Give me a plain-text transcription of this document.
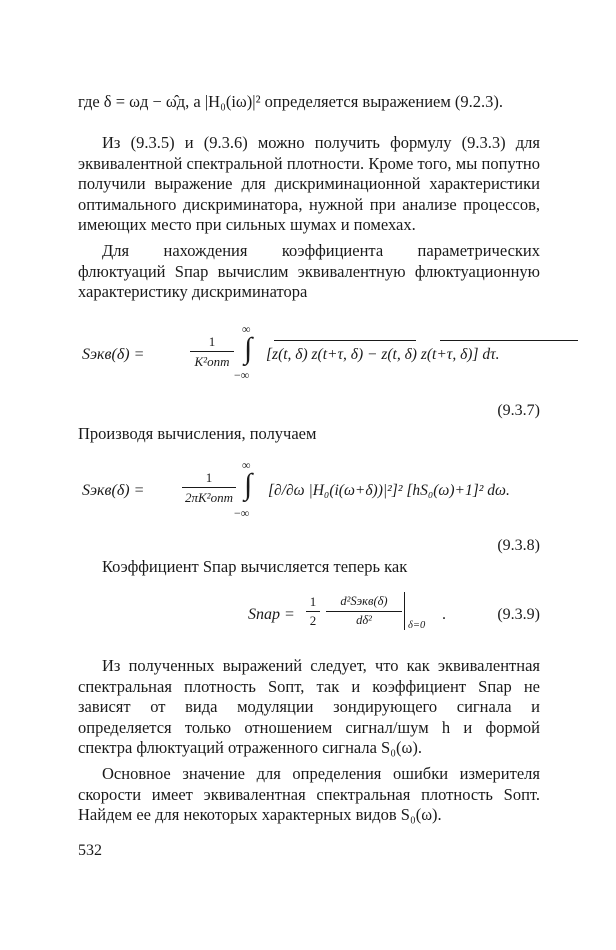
где δ = ωд − ω̂д, а |H₀(iω)|² определяется выражением (9.2.3).

Из (9.3.5) и (9.3.6) можно получить формулу (9.3.3) для эквивалентной спектральной плотности. Кроме того, мы попутно получили выражение для дискриминационной характеристики оптимального дискриминатора, нужной при анализе процессов, имеющих место при сильных шумах и помехах.

Для нахождения коэффициента параметрических флюктуаций Sпар вычислим эквивалентную флюктуационную характеристику дискриминатора

Sэкв(δ) =
1
K²опт
∞
∫
−∞
[z(t, δ) z(t+τ, δ) − z(t, δ) z(t+τ, δ)] dτ.
(9.3.7)

Производя вычисления, получаем

Sэкв(δ) =
1
2πK²опт
∞
∫
−∞
[∂/∂ω |H₀(i(ω+δ))|²]² [hS₀(ω)+1]² dω.
(9.3.8)

Коэффициент Sпар вычисляется теперь как

Sпар =
1
2
d²Sэкв(δ)
dδ²	δ=0
.	(9.3.9)

Из полученных выражений следует, что как эквивалентная спектральная плотность Sопт, так и коэффициент Sпар не зависят от вида модуляции зондирующего сигнала и определяется только отношением сигнал/шум h и формой спектра флюктуаций отраженного сигнала S₀(ω).

Основное значение для определения ошибки измерителя скорости имеет эквивалентная спектральная плотность Sопт. Найдем ее для некоторых характерных видов S₀(ω).

532
